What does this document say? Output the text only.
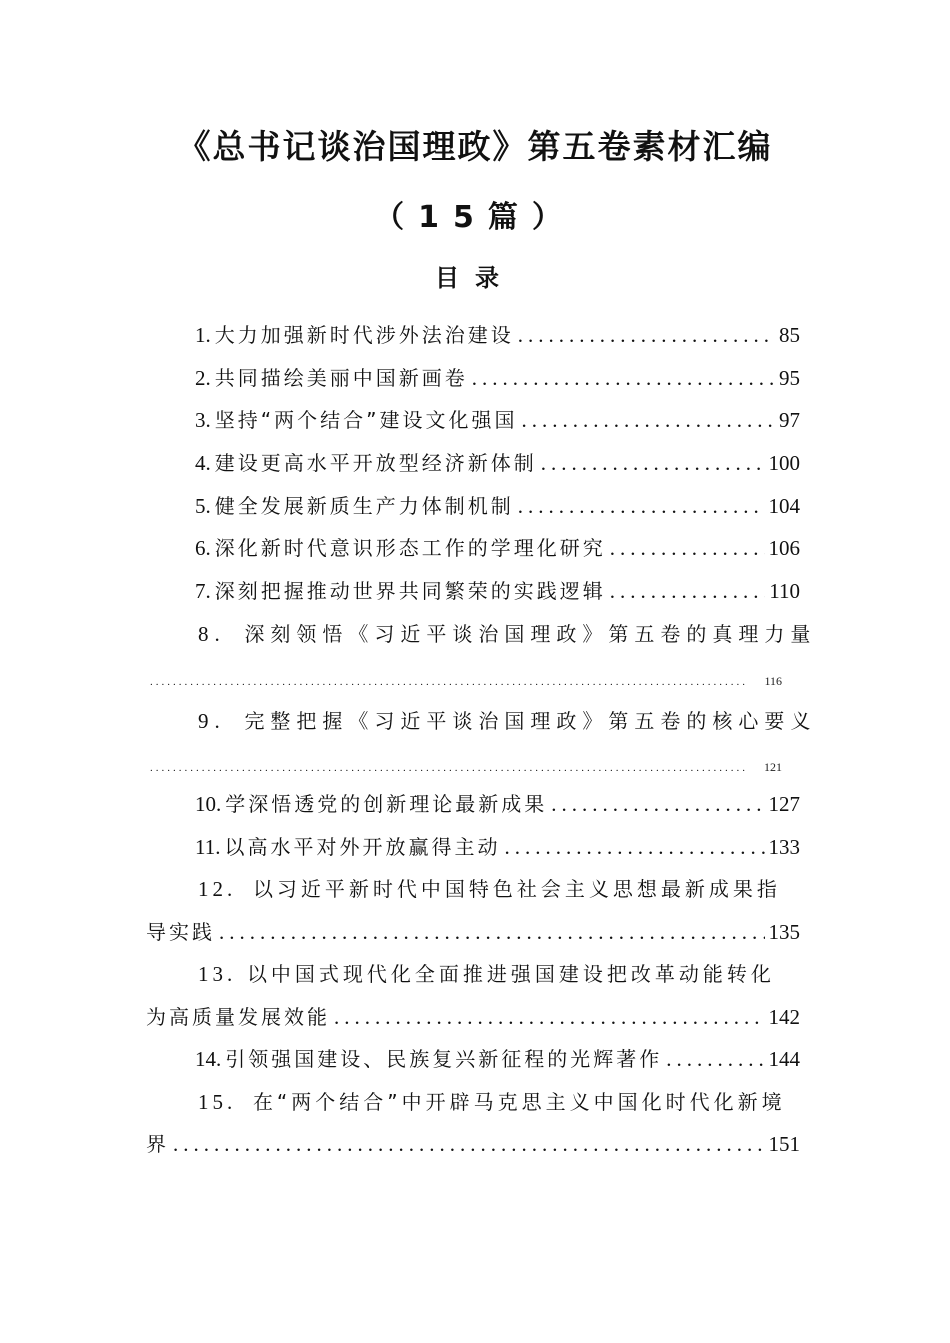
《总书记谈治国理政》第五卷素材汇编
（15篇）
目录
1. 大力加强新时代涉外法治建设 .....	85
2. 共同描绘美丽中国新画卷 .....	95
3. 坚持“两个结合”建设文化强国 .....	97
4. 建设更高水平开放型经济新体制 .....	100
5. 健全发展新质生产力体制机制 .....	104
6. 深化新时代意识形态工作的学理化研究 .....	106
7. 深刻把握推动世界共同繁荣的实践逻辑 .....	110
8. 深刻领悟《习近平谈治国理政》第五卷的真理力量
.....
116
9. 完整把握《习近平谈治国理政》第五卷的核心要义
.....
121
10. 学深悟透党的创新理论最新成果 .....	127
11. 以高水平对外开放赢得主动 .....	133
12. 以习近平新时代中国特色社会主义思想最新成果指
导实践 .....	135
13. 以中国式现代化全面推进强国建设把改革动能转化
为高质量发展效能 .....	142
14. 引领强国建设、民族复兴新征程的光辉著作 .....	144
15. 在“两个结合”中开辟马克思主义中国化时代化新境
界 .....	151
